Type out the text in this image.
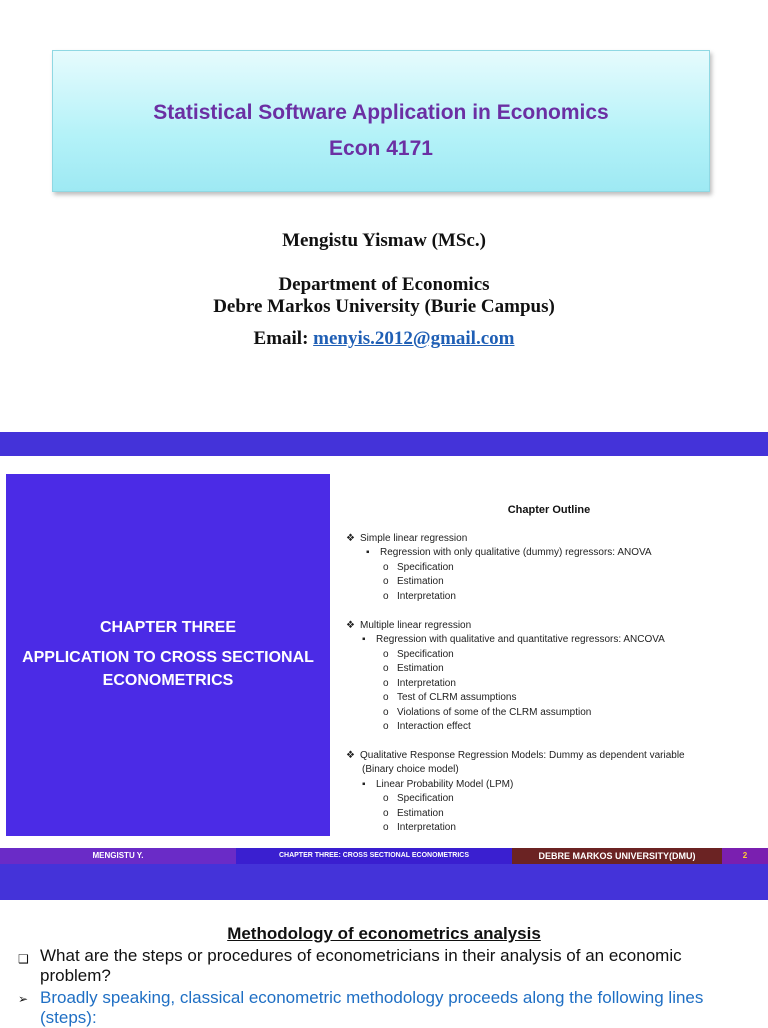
Statistical Software Application in Economics
Econ 4171
Mengistu Yismaw (MSc.)
Department of Economics
Debre Markos University (Burie Campus)
Email: menyis.2012@gmail.com
CHAPTER THREE
APPLICATION TO CROSS SECTIONAL
ECONOMETRICS
Chapter Outline
❖ Simple linear regression
▪ Regression with only qualitative (dummy) regressors: ANOVA
o Specification
o Estimation
o Interpretation
❖ Multiple linear regression
▪ Regression with qualitative and quantitative regressors: ANCOVA
o Specification
o Estimation
o Interpretation
o Test of CLRM assumptions
o Violations of some of the CLRM assumption
o Interaction effect
❖ Qualitative Response Regression Models: Dummy as dependent variable
(Binary choice model)
▪ Linear Probability Model (LPM)
o Specification
o Estimation
o Interpretation
MENGISTU Y.	CHAPTER THREE: CROSS SECTIONAL ECONOMETRICS	DEBRE MARKOS UNIVERSITY(DMU)	2
Methodology of econometrics analysis
❑ What are the steps or procedures of econometricians in their analysis of an economic
problem?
➢ Broadly speaking, classical econometric methodology proceeds along the following lines
(steps):
